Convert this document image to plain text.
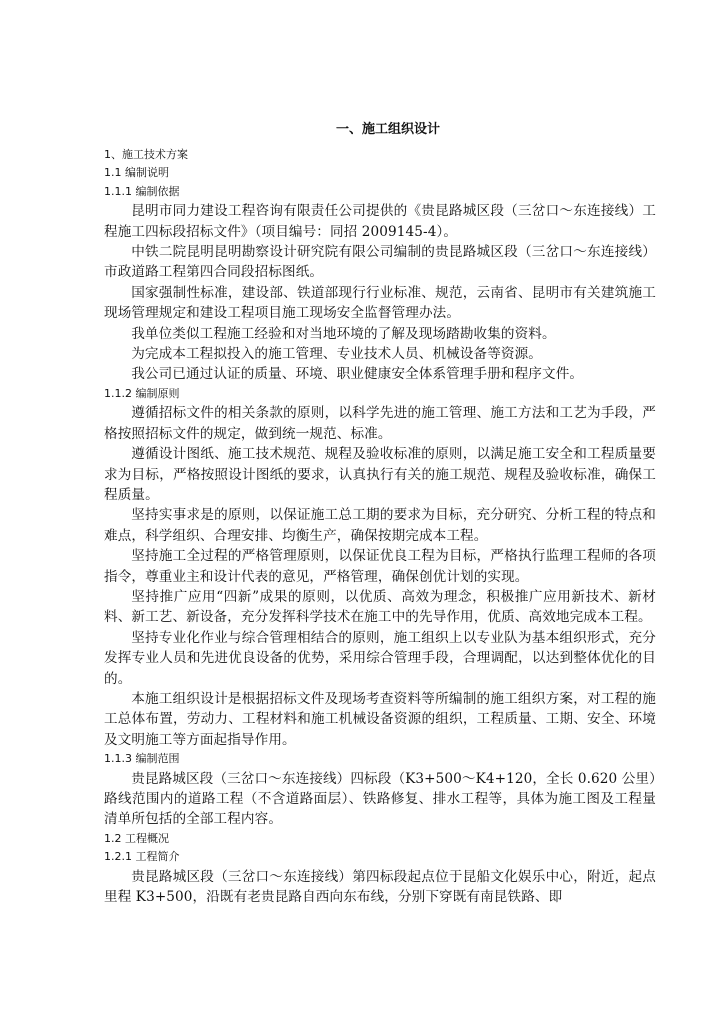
一、施工组织设计
1、施工技术方案
1.1 编制说明
1.1.1 编制依据

昆明市同力建设工程咨询有限责任公司提供的《贵昆路城区段（三岔口～东连接线）工程施工四标段招标文件》（项目编号：同招 2009145-4）。

中铁二院昆明昆明勘察设计研究院有限公司编制的贵昆路城区段（三岔口～东连接线）市政道路工程第四合同段招标图纸。

国家强制性标准，建设部、铁道部现行行业标准、规范，云南省、昆明市有关建筑施工现场管理规定和建设工程项目施工现场安全监督管理办法。

我单位类似工程施工经验和对当地环境的了解及现场踏勘收集的资料。

为完成本工程拟投入的施工管理、专业技术人员、机械设备等资源。

我公司已通过认证的质量、环境、职业健康安全体系管理手册和程序文件。

1.1.2 编制原则

遵循招标文件的相关条款的原则，以科学先进的施工管理、施工方法和工艺为手段，严格按照招标文件的规定，做到统一规范、标准。

遵循设计图纸、施工技术规范、规程及验收标准的原则，以满足施工安全和工程质量要求为目标，严格按照设计图纸的要求，认真执行有关的施工规范、规程及验收标准，确保工程质量。

坚持实事求是的原则，以保证施工总工期的要求为目标，充分研究、分析工程的特点和难点，科学组织、合理安排、均衡生产，确保按期完成本工程。

坚持施工全过程的严格管理原则，以保证优良工程为目标，严格执行监理工程师的各项指令，尊重业主和设计代表的意见，严格管理，确保创优计划的实现。

坚持推广应用“四新”成果的原则，以优质、高效为理念，积极推广应用新技术、新材料、新工艺、新设备，充分发挥科学技术在施工中的先导作用，优质、高效地完成本工程。

坚持专业化作业与综合管理相结合的原则，施工组织上以专业队为基本组织形式，充分发挥专业人员和先进优良设备的优势，采用综合管理手段，合理调配，以达到整体优化的目的。

本施工组织设计是根据招标文件及现场考查资料等所编制的施工组织方案，对工程的施工总体布置，劳动力、工程材料和施工机械设备资源的组织，工程质量、工期、安全、环境及文明施工等方面起指导作用。

1.1.3 编制范围

贵昆路城区段（三岔口～东连接线）四标段（K3+500～K4+120，全长 0.620 公里）路线范围内的道路工程（不含道路面层）、铁路修复、排水工程等，具体为施工图及工程量清单所包括的全部工程内容。

1.2 工程概况
1.2.1 工程简介

贵昆路城区段（三岔口～东连接线）第四标段起点位于昆船文化娱乐中心，附近，起点里程 K3+500，沿既有老贵昆路自西向东布线，分别下穿既有南昆铁路、即
